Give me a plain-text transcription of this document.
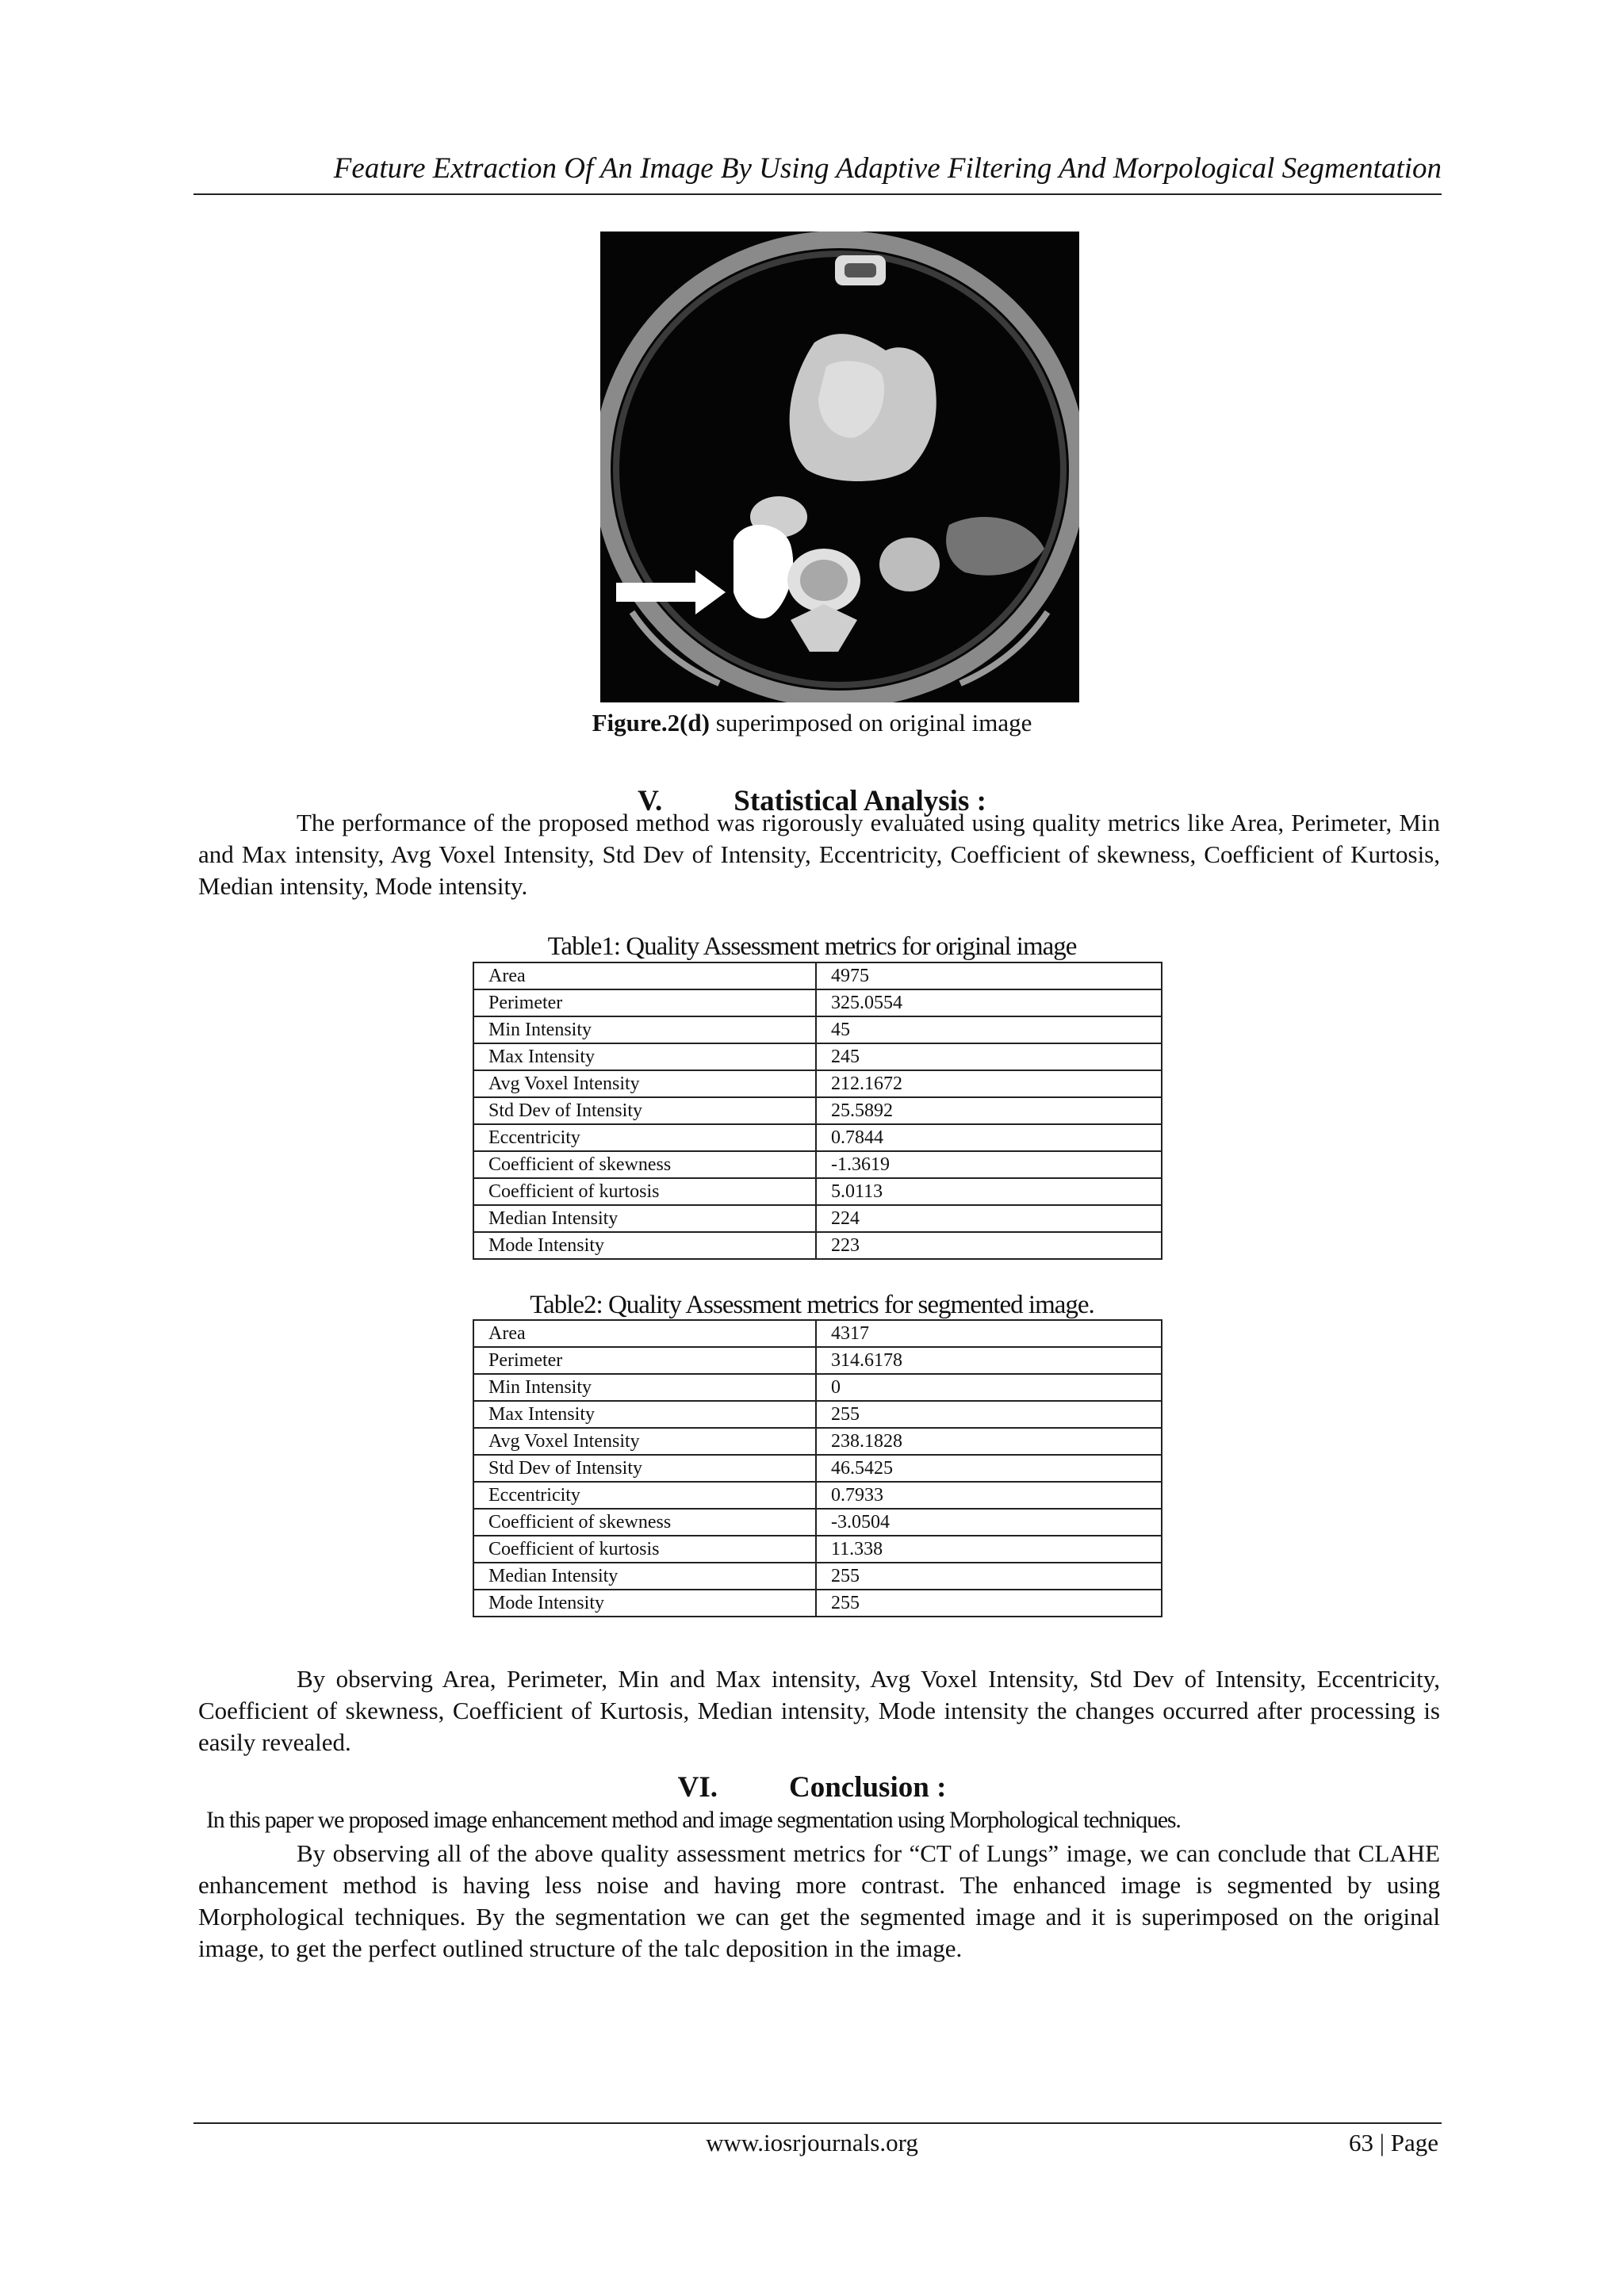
Feature Extraction Of An Image By Using Adaptive Filtering And Morpological Segmentation
Figure.2(d) superimposed on original image
V. Statistical Analysis :

The performance of the proposed method was rigorously evaluated using quality metrics like Area, Perimeter, Min and Max intensity, Avg Voxel Intensity, Std Dev of Intensity, Eccentricity, Coefficient of skewness, Coefficient of Kurtosis, Median intensity, Mode intensity.

Table1: Quality Assessment metrics for original image
Area	4975
Perimeter	325.0554
Min Intensity	45
Max Intensity	245
Avg Voxel Intensity	212.1672
Std Dev of Intensity	25.5892
Eccentricity	0.7844
Coefficient of skewness	-1.3619
Coefficient of kurtosis	5.0113
Median Intensity	224
Mode Intensity	223
Table2: Quality Assessment metrics for segmented image.
Area	4317
Perimeter	314.6178
Min Intensity	0
Max Intensity	255
Avg Voxel Intensity	238.1828
Std Dev of Intensity	46.5425
Eccentricity	0.7933
Coefficient of skewness	-3.0504
Coefficient of kurtosis	11.338
Median Intensity	255
Mode Intensity	255

By observing Area, Perimeter, Min and Max intensity, Avg Voxel Intensity, Std Dev of Intensity, Eccentricity, Coefficient of skewness, Coefficient of Kurtosis, Median intensity, Mode intensity the changes occurred after processing is easily revealed.

VI. Conclusion :

In this paper we proposed image enhancement method and image segmentation using Morphological techniques.

By observing all of the above quality assessment metrics for “CT of Lungs” image, we can conclude that CLAHE enhancement method is having less noise and having more contrast. The enhanced image is segmented by using Morphological techniques. By the segmentation we can get the segmented image and it is superimposed on the original image, to get the perfect outlined structure of the talc deposition in the image.

www.iosrjournals.org	63 | Page
